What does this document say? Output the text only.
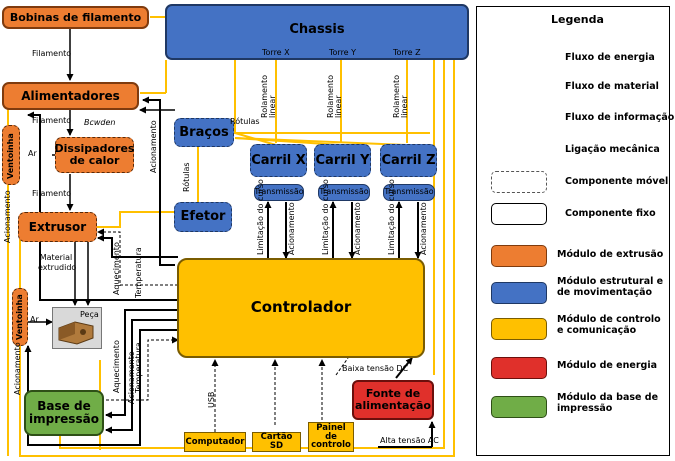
Bobinas de filamento
Chassis
Alimentadores
Dissipadores de calor
Extrusor
Ventoinha
Ventoinha
Braços
Efetor
Carril X Carril Y Carril Z
Transmissão Transmissão Transmissão
Controlador
Fonte de alimentação
Base de impressão
Computador	Cartão SD
Painel de controlo
Peça
Filamento
Filamento Bcwden
Filamento
Ar
Ar
Material extrudido
Rótulas
Rótulas
Torre X	Torre Y	Torre Z
Rolamento linear	Rolamento linear	Rolamento linear
Limitação do curso	Limitação do curso	Limitação do curso
Acionamento	Acionamento	Acionamento
Acionamento
Acionamento
Acionamento	Acionamento
Aquecimento Temperatura
Aquecimento Temperatura
USB
Baixa tensão DC
Alta tensão AC
Legenda
Fluxo de energia
Fluxo de material
Fluxo de informação
Ligação mecânica
Componente móvel
Componente fixo
Módulo de extrusão
Módulo estrutural e de movimentação
Módulo de controlo e comunicação
Módulo de energia
Módulo da base de impressão
